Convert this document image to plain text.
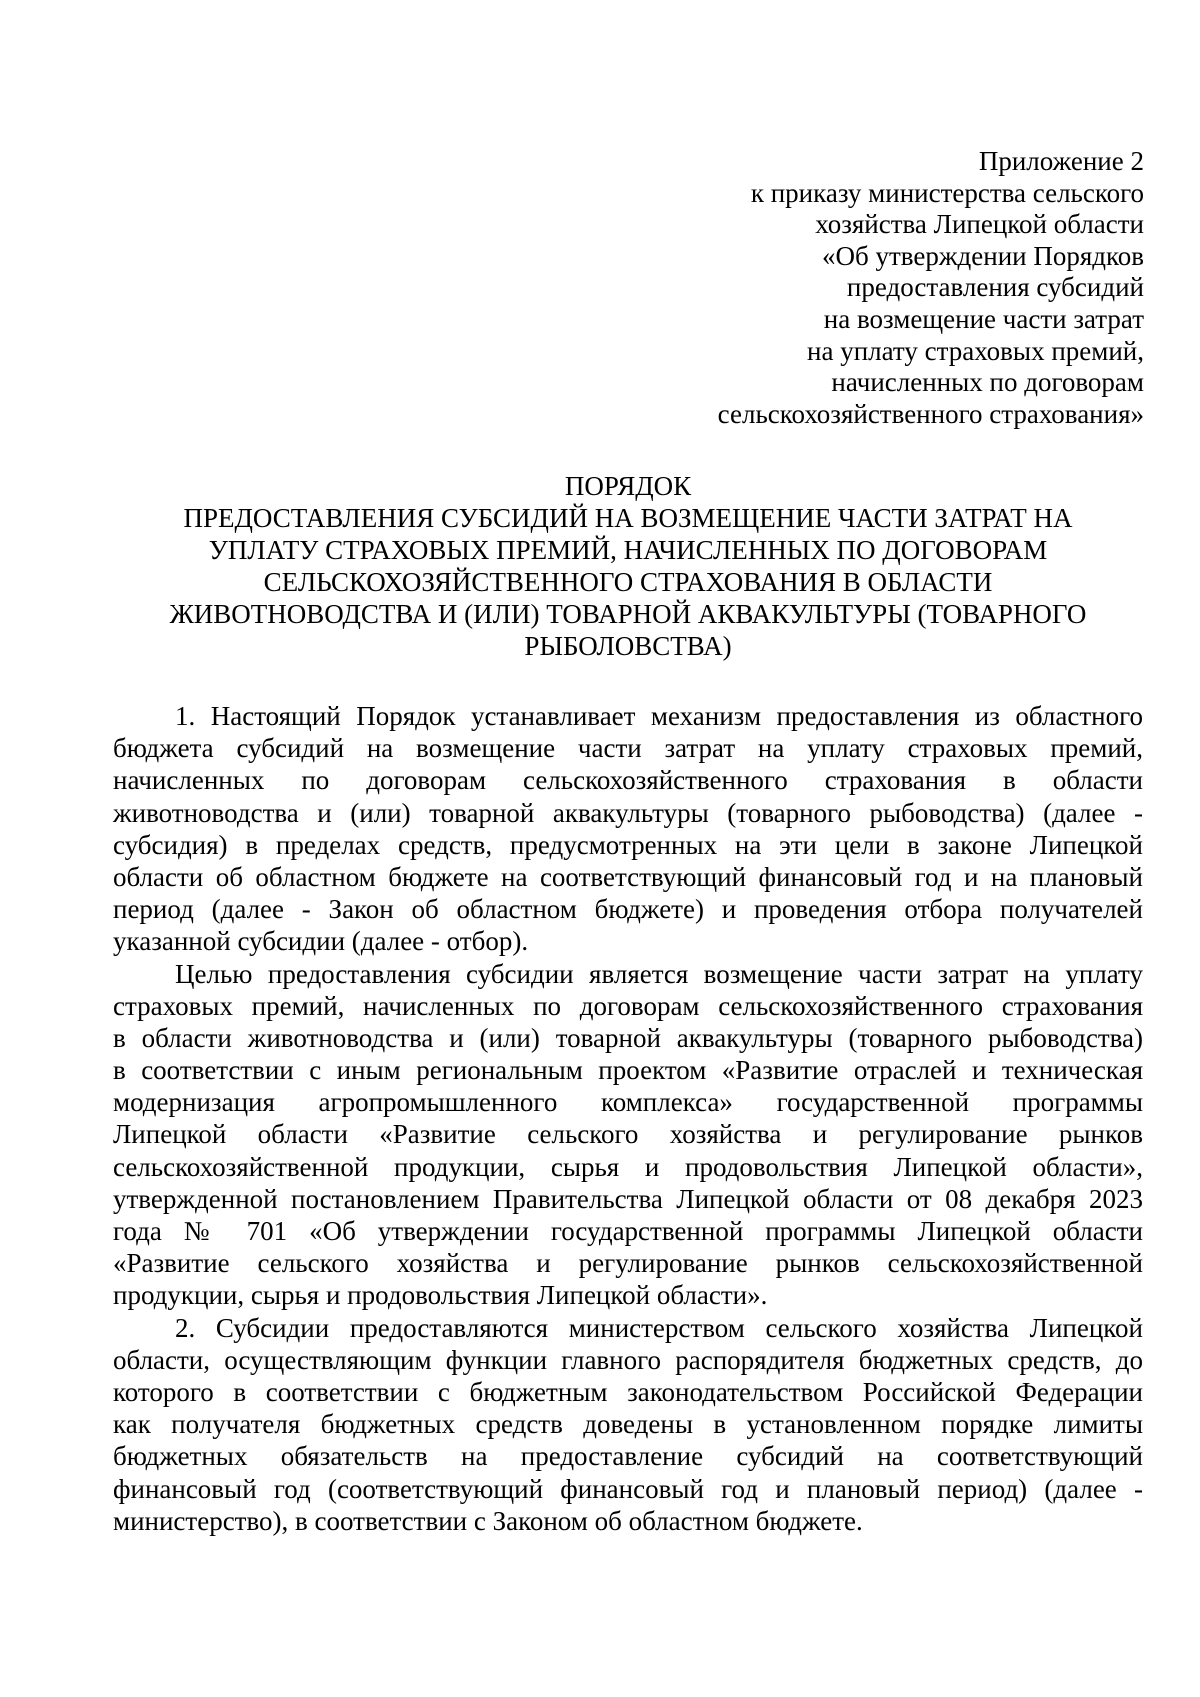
Приложение 2
к приказу министерства сельского
хозяйства Липецкой области
«Об утверждении Порядков
предоставления субсидий
на возмещение части затрат
на уплату страховых премий,
начисленных по договорам
сельскохозяйственного страхования»
ПОРЯДОК
ПРЕДОСТАВЛЕНИЯ СУБСИДИЙ НА ВОЗМЕЩЕНИЕ ЧАСТИ ЗАТРАТ НА
УПЛАТУ СТРАХОВЫХ ПРЕМИЙ, НАЧИСЛЕННЫХ ПО ДОГОВОРАМ
СЕЛЬСКОХОЗЯЙСТВЕННОГО СТРАХОВАНИЯ В ОБЛАСТИ
ЖИВОТНОВОДСТВА И (ИЛИ) ТОВАРНОЙ АКВАКУЛЬТУРЫ (ТОВАРНОГО
РЫБОЛОВСТВА)
1. Настоящий Порядок устанавливает механизм предоставления из областного
бюджета субсидий на возмещение части затрат на уплату страховых премий,
начисленных по договорам сельскохозяйственного страхования в области
животноводства и (или) товарной аквакультуры (товарного рыбоводства) (далее -
субсидия) в пределах средств, предусмотренных на эти цели в законе Липецкой
области об областном бюджете на соответствующий финансовый год и на плановый
период (далее - Закон об областном бюджете) и проведения отбора получателей
указанной субсидии (далее - отбор).
Целью предоставления субсидии является возмещение части затрат на уплату
страховых премий, начисленных по договорам сельскохозяйственного страхования
в области животноводства и (или) товарной аквакультуры (товарного рыбоводства)
в соответствии с иным региональным проектом «Развитие отраслей и техническая
модернизация агропромышленного комплекса» государственной программы
Липецкой области «Развитие сельского хозяйства и регулирование рынков
сельскохозяйственной продукции, сырья и продовольствия Липецкой области»,
утвержденной постановлением Правительства Липецкой области от 08 декабря 2023
года № 701 «Об утверждении государственной программы Липецкой области
«Развитие сельского хозяйства и регулирование рынков сельскохозяйственной
продукции, сырья и продовольствия Липецкой области».
2. Субсидии предоставляются министерством сельского хозяйства Липецкой
области, осуществляющим функции главного распорядителя бюджетных средств, до
которого в соответствии с бюджетным законодательством Российской Федерации
как получателя бюджетных средств доведены в установленном порядке лимиты
бюджетных обязательств на предоставление субсидий на соответствующий
финансовый год (соответствующий финансовый год и плановый период) (далее -
министерство), в соответствии с Законом об областном бюджете.
